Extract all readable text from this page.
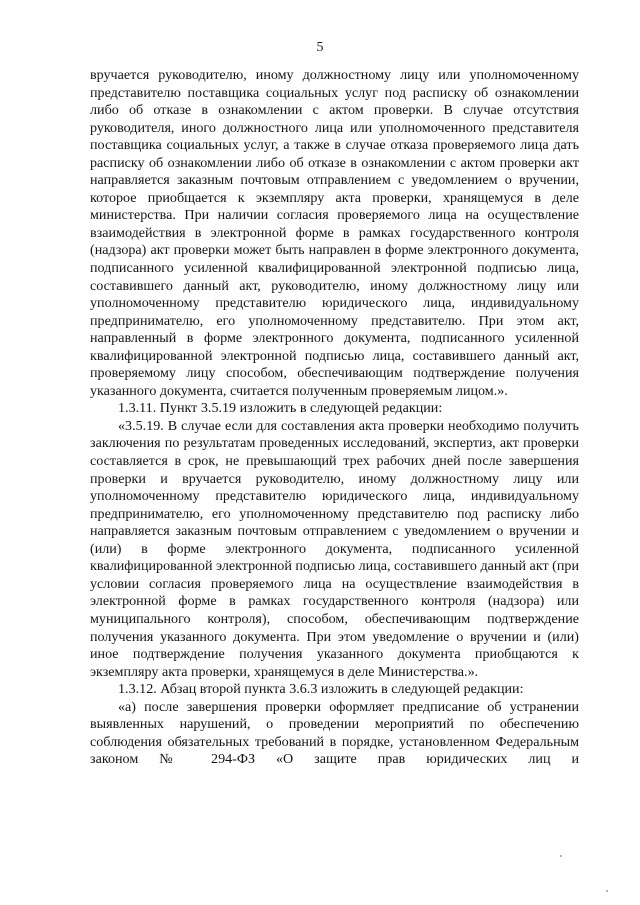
5

вручается руководителю, иному должностному лицу или уполномоченному представителю поставщика социальных услуг под расписку об ознакомлении либо об отказе в ознакомлении с актом проверки. В случае отсутствия руководителя, иного должностного лица или уполномоченного представителя поставщика социальных услуг, а также в случае отказа проверяемого лица дать расписку об ознакомлении либо об отказе в ознакомлении с актом проверки акт направляется заказным почтовым отправлением с уведомлением о вручении, которое приобщается к экземпляру акта проверки, хранящемуся в деле министерства. При наличии согласия проверяемого лица на осуществление взаимодействия в электронной форме в рамках государственного контроля (надзора) акт проверки может быть направлен в форме электронного документа, подписанного усиленной квалифицированной электронной подписью лица, составившего данный акт, руководителю, иному должностному лицу или уполномоченному представителю юридического лица, индивидуальному предпринимателю, его уполномоченному представителю. При этом акт, направленный в форме электронного документа, подписанного усиленной квалифицированной электронной подписью лица, составившего данный акт, проверяемому лицу способом, обеспечивающим подтверждение получения указанного документа, считается полученным проверяемым лицом.».

1.3.11. Пункт 3.5.19 изложить в следующей редакции:

«3.5.19. В случае если для составления акта проверки необходимо получить заключения по результатам проведенных исследований, экспертиз, акт проверки составляется в срок, не превышающий трех рабочих дней после завершения проверки и вручается руководителю, иному должностному лицу или уполномоченному представителю юридического лица, индивидуальному предпринимателю, его уполномоченному представителю под расписку либо направляется заказным почтовым отправлением с уведомлением о вручении и (или) в форме электронного документа, подписанного усиленной квалифицированной электронной подписью лица, составившего данный акт (при условии согласия проверяемого лица на осуществление взаимодействия в электронной форме в рамках государственного контроля (надзора) или муниципального контроля), способом, обеспечивающим подтверждение получения указанного документа. При этом уведомление о вручении и (или) иное подтверждение получения указанного документа приобщаются к экземпляру акта проверки, хранящемуся в деле Министерства.».

1.3.12. Абзац второй пункта 3.6.3 изложить в следующей редакции:

«а) после завершения проверки оформляет предписание об устранении выявленных нарушений, о проведении мероприятий по обеспечению соблюдения обязательных требований в порядке, установленном Федеральным законом № 294-ФЗ «О защите прав юридических лиц и
